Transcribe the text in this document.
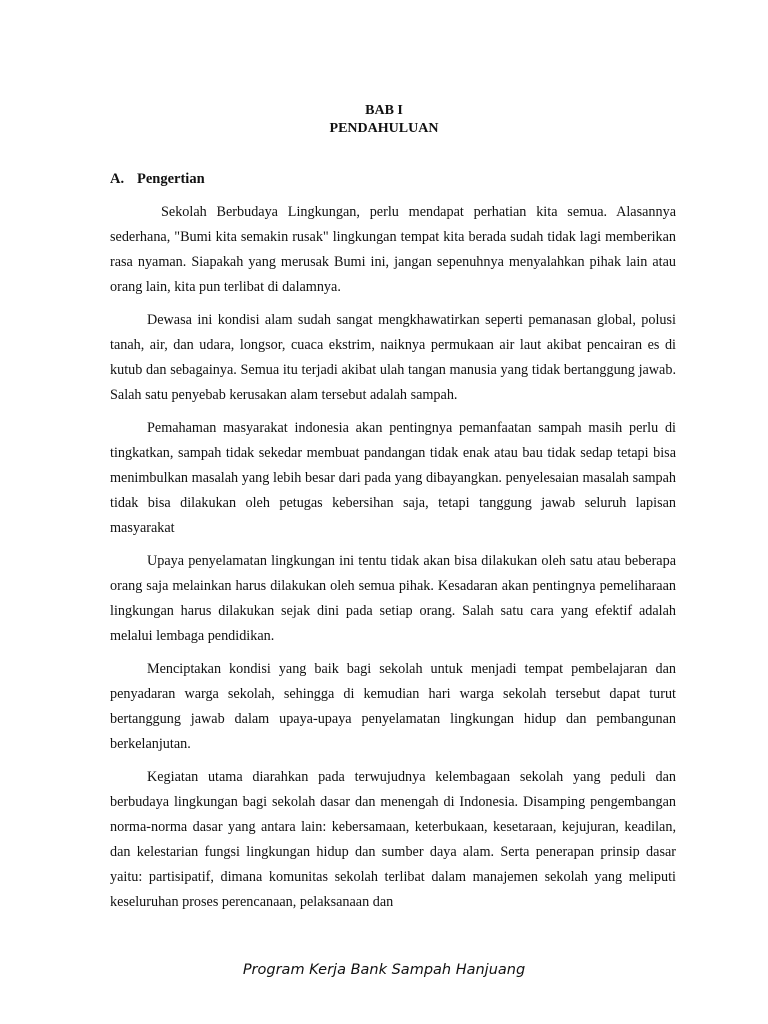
BAB I
PENDAHULUAN
A. Pengertian

Sekolah Berbudaya Lingkungan, perlu mendapat perhatian kita semua. Alasannya sederhana, "Bumi kita semakin rusak" lingkungan tempat kita berada sudah tidak lagi memberikan rasa nyaman. Siapakah yang merusak Bumi ini, jangan sepenuhnya menyalahkan pihak lain atau orang lain, kita pun terlibat di dalamnya.

Dewasa ini kondisi alam sudah sangat mengkhawatirkan seperti pemanasan global, polusi tanah, air, dan udara, longsor, cuaca ekstrim, naiknya permukaan air laut akibat pencairan es di kutub dan sebagainya. Semua itu terjadi akibat ulah tangan manusia yang tidak bertanggung jawab. Salah satu penyebab kerusakan alam tersebut adalah sampah.

Pemahaman masyarakat indonesia akan pentingnya pemanfaatan sampah masih perlu di tingkatkan, sampah tidak sekedar membuat pandangan tidak enak atau bau tidak sedap tetapi bisa menimbulkan masalah yang lebih besar dari pada yang dibayangkan. penyelesaian masalah sampah tidak bisa dilakukan oleh petugas kebersihan saja, tetapi tanggung jawab seluruh lapisan masyarakat

Upaya penyelamatan lingkungan ini tentu tidak akan bisa dilakukan oleh satu atau beberapa orang saja melainkan harus dilakukan oleh semua pihak. Kesadaran akan pentingnya pemeliharaan lingkungan harus dilakukan sejak dini pada setiap orang. Salah satu cara yang efektif adalah melalui lembaga pendidikan.

Menciptakan kondisi yang baik bagi sekolah untuk menjadi tempat pembelajaran dan penyadaran warga sekolah, sehingga di kemudian hari warga sekolah tersebut dapat turut bertanggung jawab dalam upaya-upaya penyelamatan lingkungan hidup dan pembangunan berkelanjutan.

Kegiatan utama diarahkan pada terwujudnya kelembagaan sekolah yang peduli dan berbudaya lingkungan bagi sekolah dasar dan menengah di Indonesia. Disamping pengembangan norma-norma dasar yang antara lain: kebersamaan, keterbukaan, kesetaraan, kejujuran, keadilan, dan kelestarian fungsi lingkungan hidup dan sumber daya alam. Serta penerapan prinsip dasar yaitu: partisipatif, dimana komunitas sekolah terlibat dalam manajemen sekolah yang meliputi keseluruhan proses perencanaan, pelaksanaan dan

Program Kerja Bank Sampah Hanjuang
